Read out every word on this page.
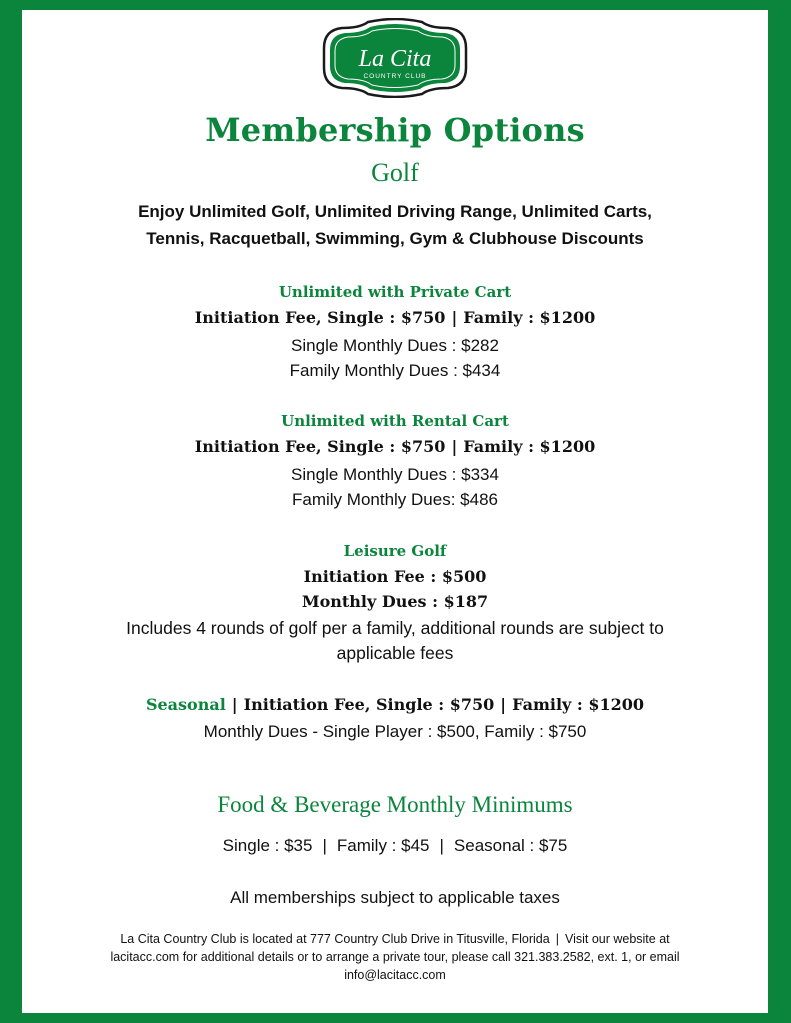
La Cita
COUNTRY CLUB
Membership Options
Golf
Enjoy Unlimited Golf, Unlimited Driving Range, Unlimited Carts,
Tennis, Racquetball, Swimming, Gym & Clubhouse Discounts
Unlimited with Private Cart
Initiation Fee, Single : $750 | Family : $1200
Single Monthly Dues : $282
Family Monthly Dues : $434
Unlimited with Rental Cart
Initiation Fee, Single : $750 | Family : $1200
Single Monthly Dues : $334
Family Monthly Dues: $486
Leisure Golf
Initiation Fee : $500
Monthly Dues : $187
Includes 4 rounds of golf per a family, additional rounds are subject to
applicable fees
Seasonal | Initiation Fee, Single : $750 | Family : $1200
Monthly Dues - Single Player : $500, Family : $750
Food & Beverage Monthly Minimums
Single : $35 | Family : $45 | Seasonal : $75
All memberships subject to applicable taxes
La Cita Country Club is located at 777 Country Club Drive in Titusville, Florida | Visit our website at
lacitacc.com for additional details or to arrange a private tour, please call 321.383.2582, ext. 1, or email
info@lacitacc.com
